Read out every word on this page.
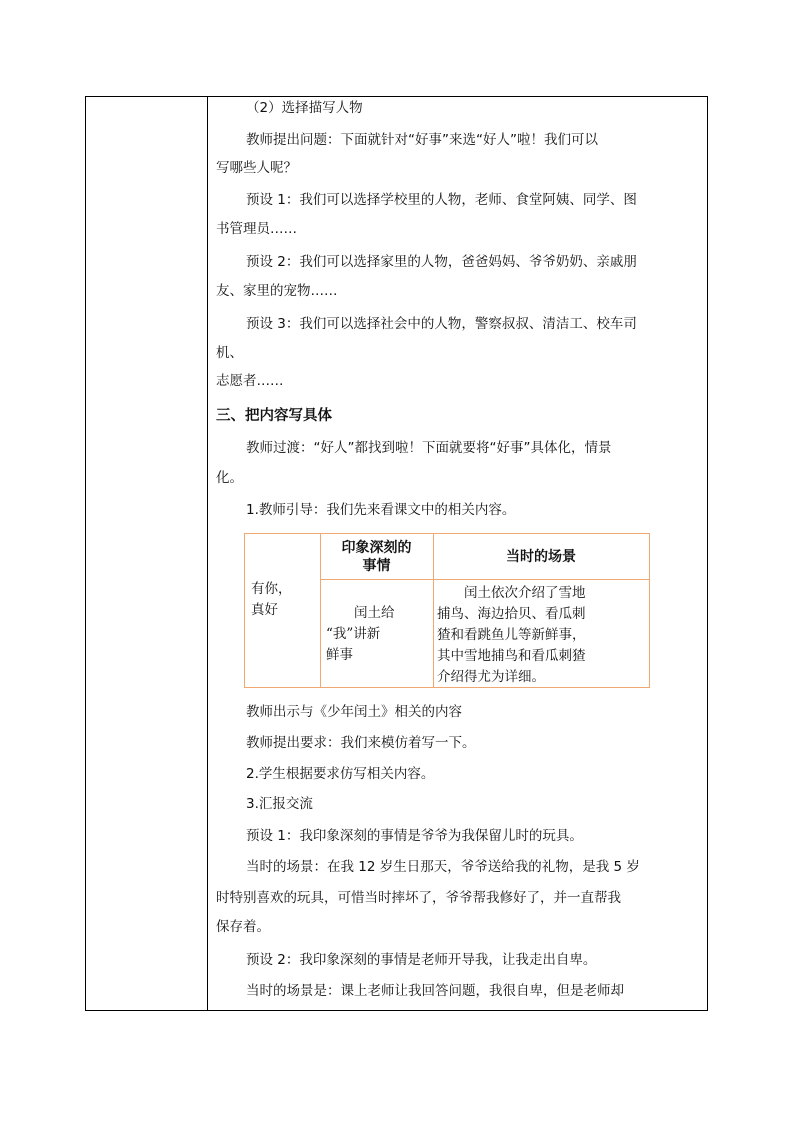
（2）选择描写人物
教师提出问题：下面就针对“好事”来选“好人”啦！我们可以
写哪些人呢？
预设 1：我们可以选择学校里的人物，老师、食堂阿姨、同学、图
书管理员……
预设 2：我们可以选择家里的人物，爸爸妈妈、爷爷奶奶、亲戚朋
友、家里的宠物……
预设 3：我们可以选择社会中的人物，警察叔叔、清洁工、校车司
机、
志愿者……
三、把内容写具体
教师过渡：“好人”都找到啦！下面就要将“好事”具体化，情景
化。
1.教师引导：我们先来看课文中的相关内容。
教师出示与《少年闰土》相关的内容
教师提出要求：我们来模仿着写一下。
2.学生根据要求仿写相关内容。
3.汇报交流
预设 1：我印象深刻的事情是爷爷为我保留儿时的玩具。
当时的场景：在我 12 岁生日那天，爷爷送给我的礼物，是我 5 岁
时特别喜欢的玩具，可惜当时摔坏了，爷爷帮我修好了，并一直帮我
保存着。
预设 2：我印象深刻的事情是老师开导我，让我走出自卑。
当时的场景是：课上老师让我回答问题，我很自卑，但是老师却
有你，
真好
印象深刻的
事情
当时的场景
闰土给
“我”讲新
鲜事
闰土依次介绍了雪地
捕鸟、海边拾贝、看瓜刺
猹和看跳鱼儿等新鲜事，
其中雪地捕鸟和看瓜刺猹
介绍得尤为详细。
